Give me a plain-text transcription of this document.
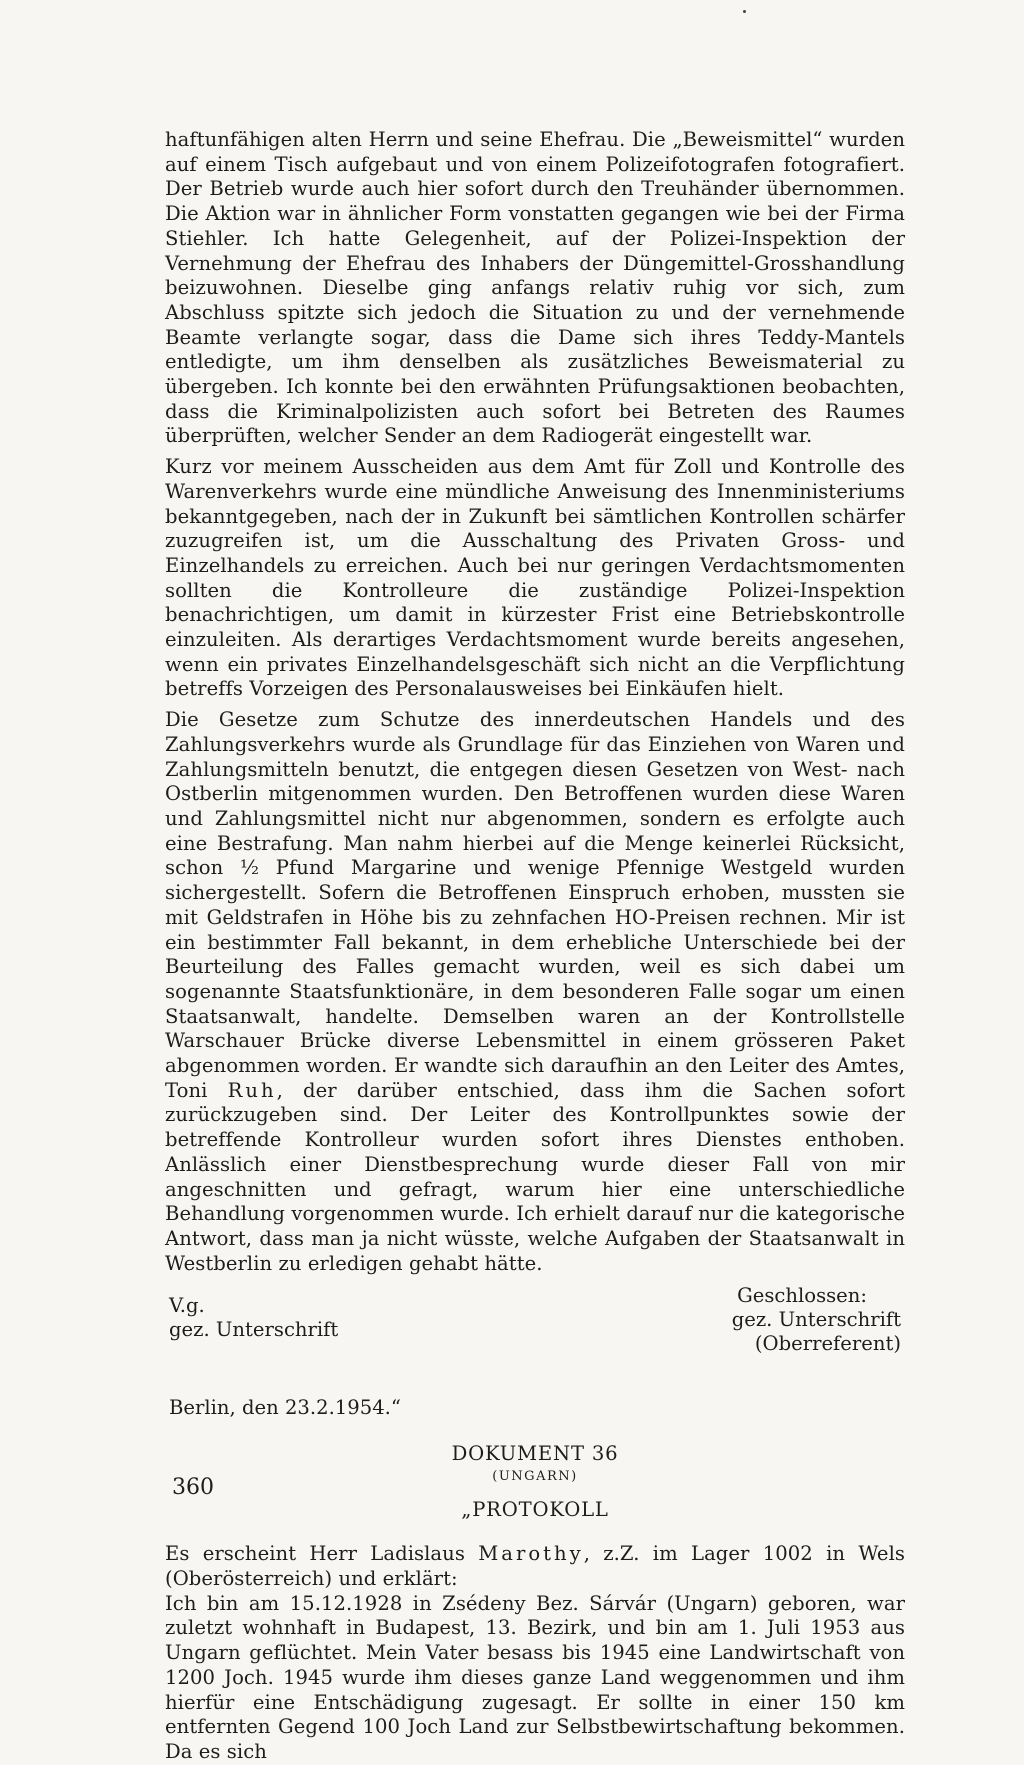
haftunfähigen alten Herrn und seine Ehefrau. Die „Beweismittel“ wurden auf einem Tisch aufgebaut und von einem Polizeifotografen fotografiert. Der Betrieb wurde auch hier sofort durch den Treuhänder übernommen. Die Aktion war in ähnlicher Form vonstatten gegangen wie bei der Firma Stiehler. Ich hatte Gelegenheit, auf der Polizei-Inspektion der Vernehmung der Ehefrau des Inhabers der Düngemittel-Grosshandlung beizuwohnen. Dieselbe ging anfangs relativ ruhig vor sich, zum Abschluss spitzte sich jedoch die Situation zu und der vernehmende Beamte verlangte sogar, dass die Dame sich ihres Teddy-Mantels entledigte, um ihm denselben als zusätzliches Beweismaterial zu übergeben. Ich konnte bei den erwähnten Prüfungsaktionen beobachten, dass die Kriminalpolizisten auch sofort bei Betreten des Raumes überprüften, welcher Sender an dem Radiogerät eingestellt war.

Kurz vor meinem Ausscheiden aus dem Amt für Zoll und Kontrolle des Warenverkehrs wurde eine mündliche Anweisung des Innenministeriums bekanntgegeben, nach der in Zukunft bei sämtlichen Kontrollen schärfer zuzugreifen ist, um die Ausschaltung des Privaten Gross- und Einzelhandels zu erreichen. Auch bei nur geringen Verdachtsmomenten sollten die Kontrolleure die zuständige Polizei-Inspektion benachrichtigen, um damit in kürzester Frist eine Betriebskontrolle einzuleiten. Als derartiges Verdachtsmoment wurde bereits angesehen, wenn ein privates Einzelhandelsgeschäft sich nicht an die Verpflichtung betreffs Vorzeigen des Personalausweises bei Einkäufen hielt.

Die Gesetze zum Schutze des innerdeutschen Handels und des Zahlungsverkehrs wurde als Grundlage für das Einziehen von Waren und Zahlungsmitteln benutzt, die entgegen diesen Gesetzen von West- nach Ostberlin mitgenommen wurden. Den Betroffenen wurden diese Waren und Zahlungsmittel nicht nur abgenommen, sondern es erfolgte auch eine Bestrafung. Man nahm hierbei auf die Menge keinerlei Rücksicht, schon ½ Pfund Margarine und wenige Pfennige Westgeld wurden sichergestellt. Sofern die Betroffenen Einspruch erhoben, mussten sie mit Geldstrafen in Höhe bis zu zehnfachen HO-Preisen rechnen. Mir ist ein bestimmter Fall bekannt, in dem erhebliche Unterschiede bei der Beurteilung des Falles gemacht wurden, weil es sich dabei um sogenannte Staatsfunktionäre, in dem besonderen Falle sogar um einen Staatsanwalt, handelte. Demselben waren an der Kontrollstelle Warschauer Brücke diverse Lebensmittel in einem grösseren Paket abgenommen worden. Er wandte sich daraufhin an den Leiter des Amtes, Toni Ruh, der darüber entschied, dass ihm die Sachen sofort zurückzugeben sind. Der Leiter des Kontrollpunktes sowie der betreffende Kontrolleur wurden sofort ihres Dienstes enthoben. Anlässlich einer Dienstbesprechung wurde dieser Fall von mir angeschnitten und gefragt, warum hier eine unterschiedliche Behandlung vorgenommen wurde. Ich erhielt darauf nur die kategorische Antwort, dass man ja nicht wüsste, welche Aufgaben der Staatsanwalt in Westberlin zu erledigen gehabt hätte.

V.g.
gez. Unterschrift
Geschlossen:
gez. Unterschrift
(Oberreferent)
Berlin, den 23.2.1954.“
DOKUMENT 36
(UNGARN)
„PROTOKOLL

Es erscheint Herr Ladislaus Marothy, z.Z. im Lager 1002 in Wels (Oberösterreich) und erklärt:

Ich bin am 15.12.1928 in Zsédeny Bez. Sárvár (Ungarn) geboren, war zuletzt wohnhaft in Budapest, 13. Bezirk, und bin am 1. Juli 1953 aus Ungarn geflüchtet. Mein Vater besass bis 1945 eine Landwirtschaft von 1200 Joch. 1945 wurde ihm dieses ganze Land weggenommen und ihm hierfür eine Entschädigung zugesagt. Er sollte in einer 150 km entfernten Gegend 100 Joch Land zur Selbstbewirtschaftung bekommen. Da es sich

360
